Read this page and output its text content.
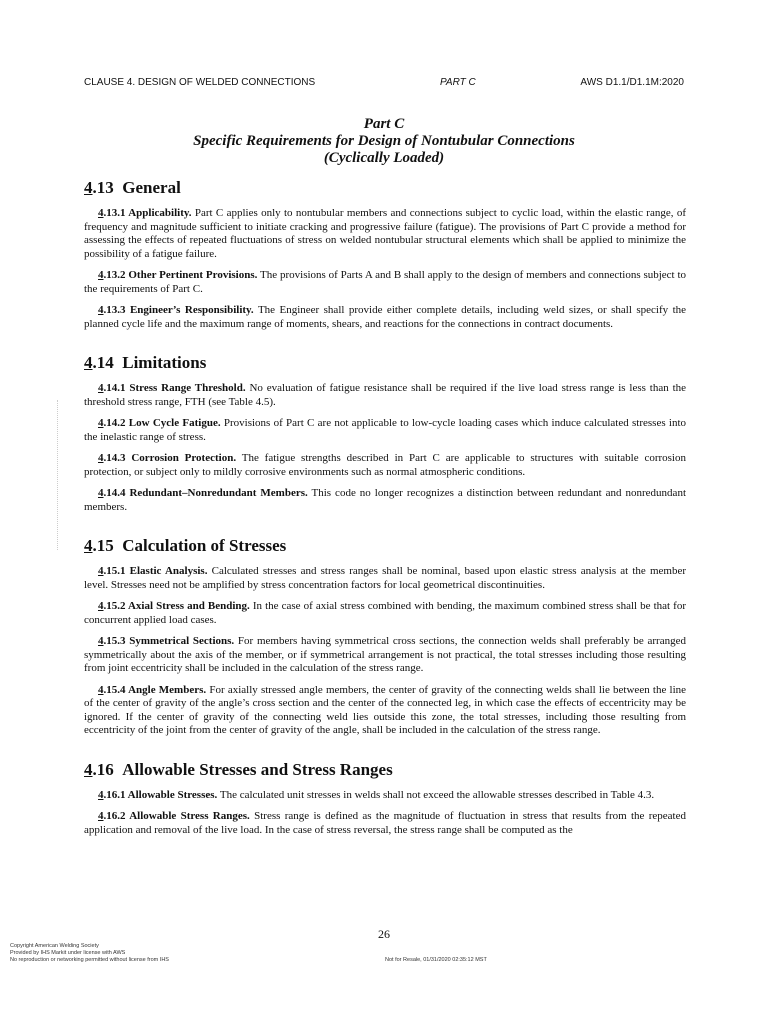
CLAUSE 4. DESIGN OF WELDED CONNECTIONS	PART C	AWS D1.1/D1.1M:2020
Part C
Specific Requirements for Design of Nontubular Connections
(Cyclically Loaded)
4.13 General

4.13.1 Applicability. Part C applies only to nontubular members and connections subject to cyclic load, within the elastic range, of frequency and magnitude sufficient to initiate cracking and progressive failure (fatigue). The provisions of Part C provide a method for assessing the effects of repeated fluctuations of stress on welded nontubular structural elements which shall be applied to minimize the possibility of a fatigue failure.

4.13.2 Other Pertinent Provisions. The provisions of Parts A and B shall apply to the design of members and connections subject to the requirements of Part C.

4.13.3 Engineer’s Responsibility. The Engineer shall provide either complete details, including weld sizes, or shall specify the planned cycle life and the maximum range of moments, shears, and reactions for the connections in contract documents.

4.14 Limitations

4.14.1 Stress Range Threshold. No evaluation of fatigue resistance shall be required if the live load stress range is less than the threshold stress range, FTH (see Table 4.5).

4.14.2 Low Cycle Fatigue. Provisions of Part C are not applicable to low-cycle loading cases which induce calculated stresses into the inelastic range of stress.

4.14.3 Corrosion Protection. The fatigue strengths described in Part C are applicable to structures with suitable corrosion protection, or subject only to mildly corrosive environments such as normal atmospheric conditions.

4.14.4 Redundant–Nonredundant Members. This code no longer recognizes a distinction between redundant and nonredundant members.

4.15 Calculation of Stresses

4.15.1 Elastic Analysis. Calculated stresses and stress ranges shall be nominal, based upon elastic stress analysis at the member level. Stresses need not be amplified by stress concentration factors for local geometrical discontinuities.

4.15.2 Axial Stress and Bending. In the case of axial stress combined with bending, the maximum combined stress shall be that for concurrent applied load cases.

4.15.3 Symmetrical Sections. For members having symmetrical cross sections, the connection welds shall preferably be arranged symmetrically about the axis of the member, or if symmetrical arrangement is not practical, the total stresses including those resulting from joint eccentricity shall be included in the calculation of the stress range.

4.15.4 Angle Members. For axially stressed angle members, the center of gravity of the connecting welds shall lie between the line of the center of gravity of the angle’s cross section and the center of the connected leg, in which case the effects of eccentricity may be ignored. If the center of gravity of the connecting weld lies outside this zone, the total stresses, including those resulting from eccentricity of the joint from the center of gravity of the angle, shall be included in the calculation of the stress range.

4.16 Allowable Stresses and Stress Ranges

4.16.1 Allowable Stresses. The calculated unit stresses in welds shall not exceed the allowable stresses described in Table 4.3.

4.16.2 Allowable Stress Ranges. Stress range is defined as the magnitude of fluctuation in stress that results from the repeated application and removal of the live load. In the case of stress reversal, the stress range shall be computed as the

26
Copyright American Welding Society
Provided by IHS Markit under license with AWS
No reproduction or networking permitted without license from IHS	Not for Resale, 01/31/2020 02:35:12 MST
